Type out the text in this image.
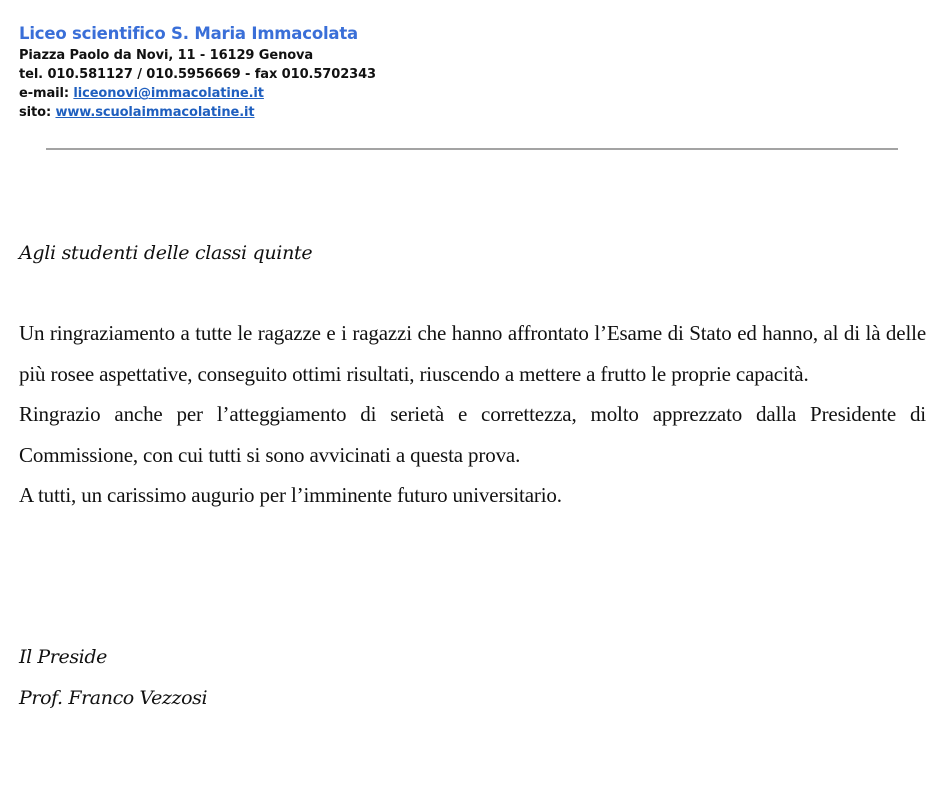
Liceo scientifico S. Maria Immacolata
Piazza Paolo da Novi, 11 - 16129 Genova
tel. 010.581127 / 010.5956669 - fax 010.5702343
e-mail: liceonovi@immacolatine.it
sito: www.scuolaimmacolatine.it
Agli studenti delle classi quinte

Un ringraziamento a tutte le ragazze e i ragazzi che hanno affrontato l’Esame di Stato ed hanno, al di là delle più rosee aspettative, conseguito ottimi risultati, riuscendo a mettere a frutto le proprie capacità.

Ringrazio anche per l’atteggiamento di serietà e correttezza, molto apprezzato dalla Presidente di Commissione, con cui tutti si sono avvicinati a questa prova.

A tutti, un carissimo augurio per l’imminente futuro universitario.

Il Preside
Prof. Franco Vezzosi
